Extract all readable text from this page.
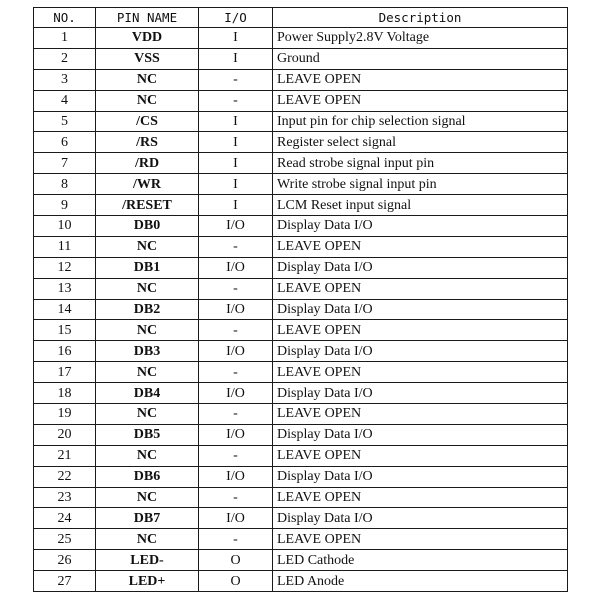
NO.	PIN NAME	I/O	Description
1	VDD	I	Power Supply2.8V Voltage
2	VSS	I	Ground
3	NC	-	LEAVE OPEN
4	NC	-	LEAVE OPEN
5	/CS	I	Input pin for chip selection signal
6	/RS	I	Register select signal
7	/RD	I	Read strobe signal input pin
8	/WR	I	Write strobe signal input pin
9	/RESET	I	LCM Reset input signal
10	DB0	I/O	Display Data I/O
11	NC	-	LEAVE OPEN
12	DB1	I/O	Display Data I/O
13	NC	-	LEAVE OPEN
14	DB2	I/O	Display Data I/O
15	NC	-	LEAVE OPEN
16	DB3	I/O	Display Data I/O
17	NC	-	LEAVE OPEN
18	DB4	I/O	Display Data I/O
19	NC	-	LEAVE OPEN
20	DB5	I/O	Display Data I/O
21	NC	-	LEAVE OPEN
22	DB6	I/O	Display Data I/O
23	NC	-	LEAVE OPEN
24	DB7	I/O	Display Data I/O
25	NC	-	LEAVE OPEN
26	LED-	O	LED Cathode
27	LED+	O	LED Anode
